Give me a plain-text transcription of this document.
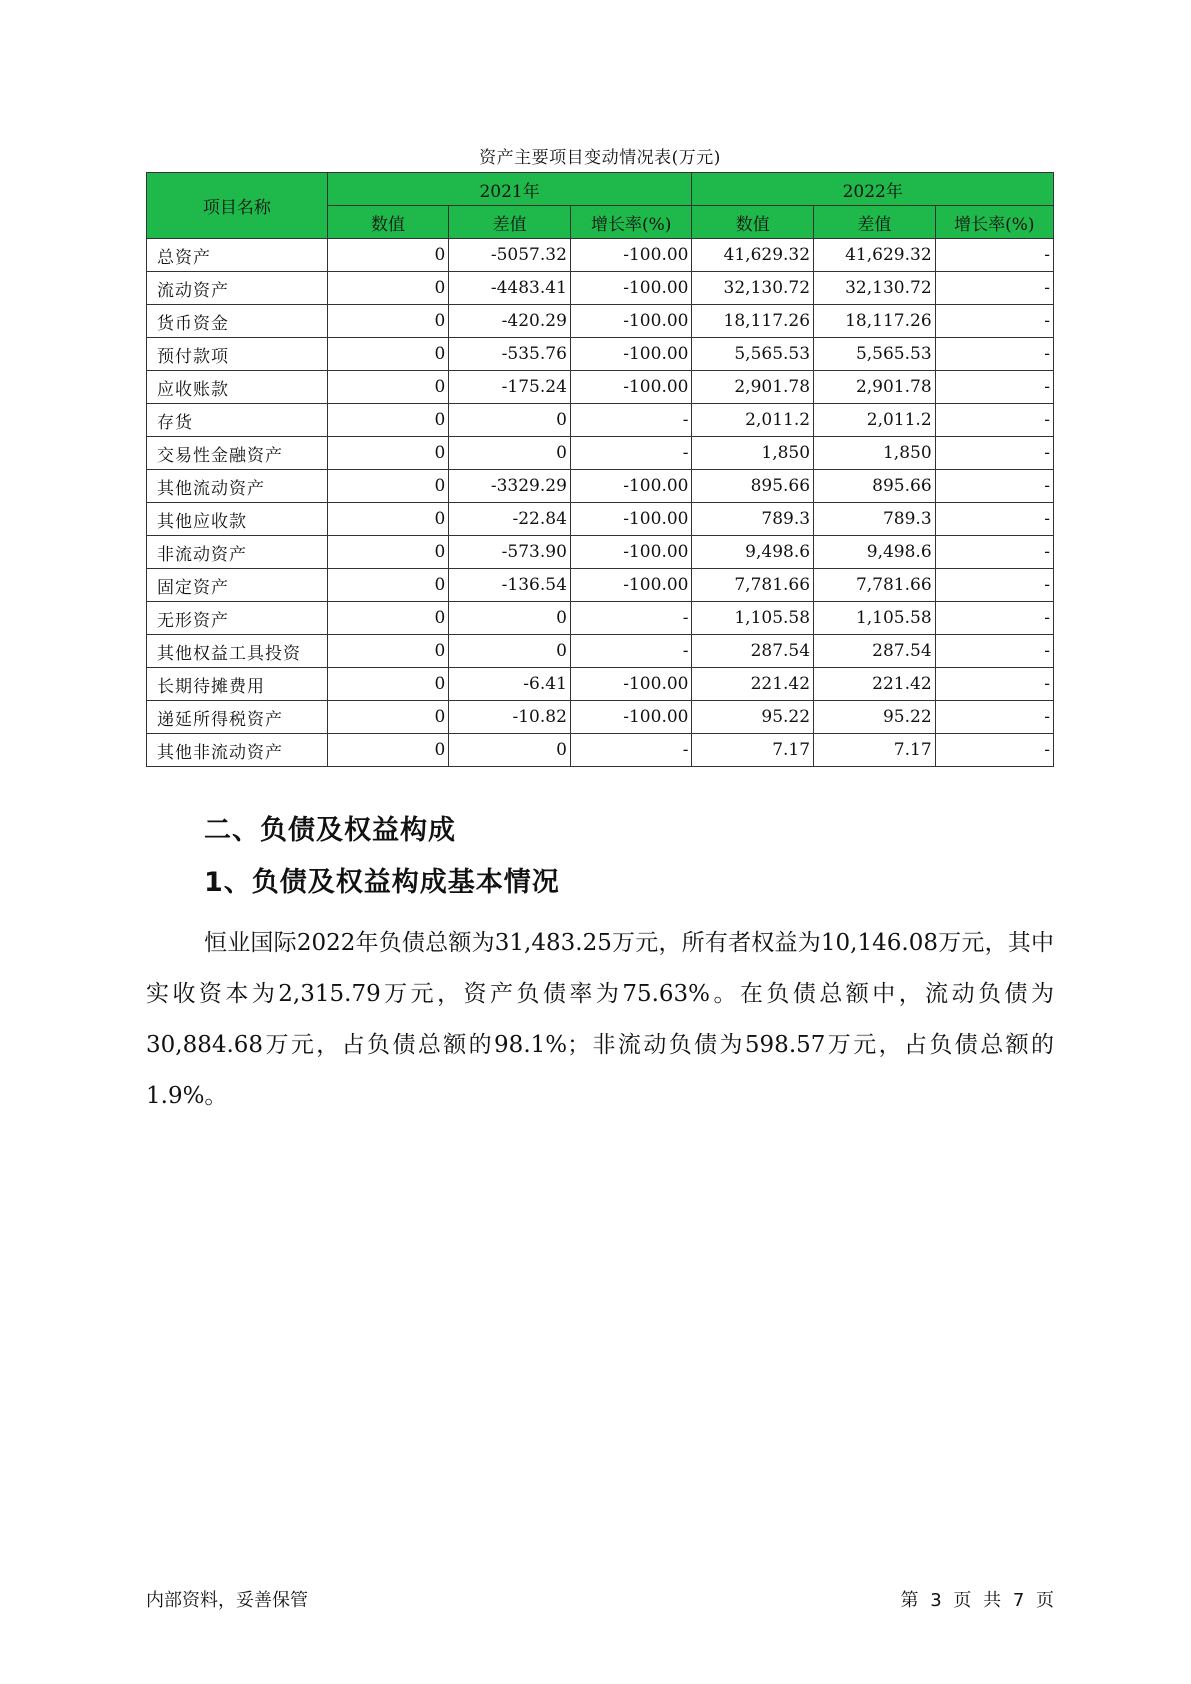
资产主要项目变动情况表(万元)
项目名称	2021年			2022年		
	数值	差值	增长率(%)	数值	差值	增长率(%)
总资产	0	-5057.32	-100.00	41,629.32	41,629.32	-
流动资产	0	-4483.41	-100.00	32,130.72	32,130.72	-
货币资金	0	-420.29	-100.00	18,117.26	18,117.26	-
预付款项	0	-535.76	-100.00	5,565.53	5,565.53	-
应收账款	0	-175.24	-100.00	2,901.78	2,901.78	-
存货	0	0	-	2,011.2	2,011.2	-
交易性金融资产	0	0	-	1,850	1,850	-
其他流动资产	0	-3329.29	-100.00	895.66	895.66	-
其他应收款	0	-22.84	-100.00	789.3	789.3	-
非流动资产	0	-573.90	-100.00	9,498.6	9,498.6	-
固定资产	0	-136.54	-100.00	7,781.66	7,781.66	-
无形资产	0	0	-	1,105.58	1,105.58	-
其他权益工具投资	0	0	-	287.54	287.54	-
长期待摊费用	0	-6.41	-100.00	221.42	221.42	-
递延所得税资产	0	-10.82	-100.00	95.22	95.22	-
其他非流动资产	0	0	-	7.17	7.17	-
二、负债及权益构成
1、负债及权益构成基本情况
恒业国际2022年负债总额为31,483.25万元，所有者权益为10,146.08万元，其中实收资本为2,315.79万元，资产负债率为75.63%。在负债总额中，流动负债为30,884.68万元，占负债总额的98.1%；非流动负债为598.57万元，占负债总额的1.9%。
内部资料，妥善保管	第 3 页 共 7 页
